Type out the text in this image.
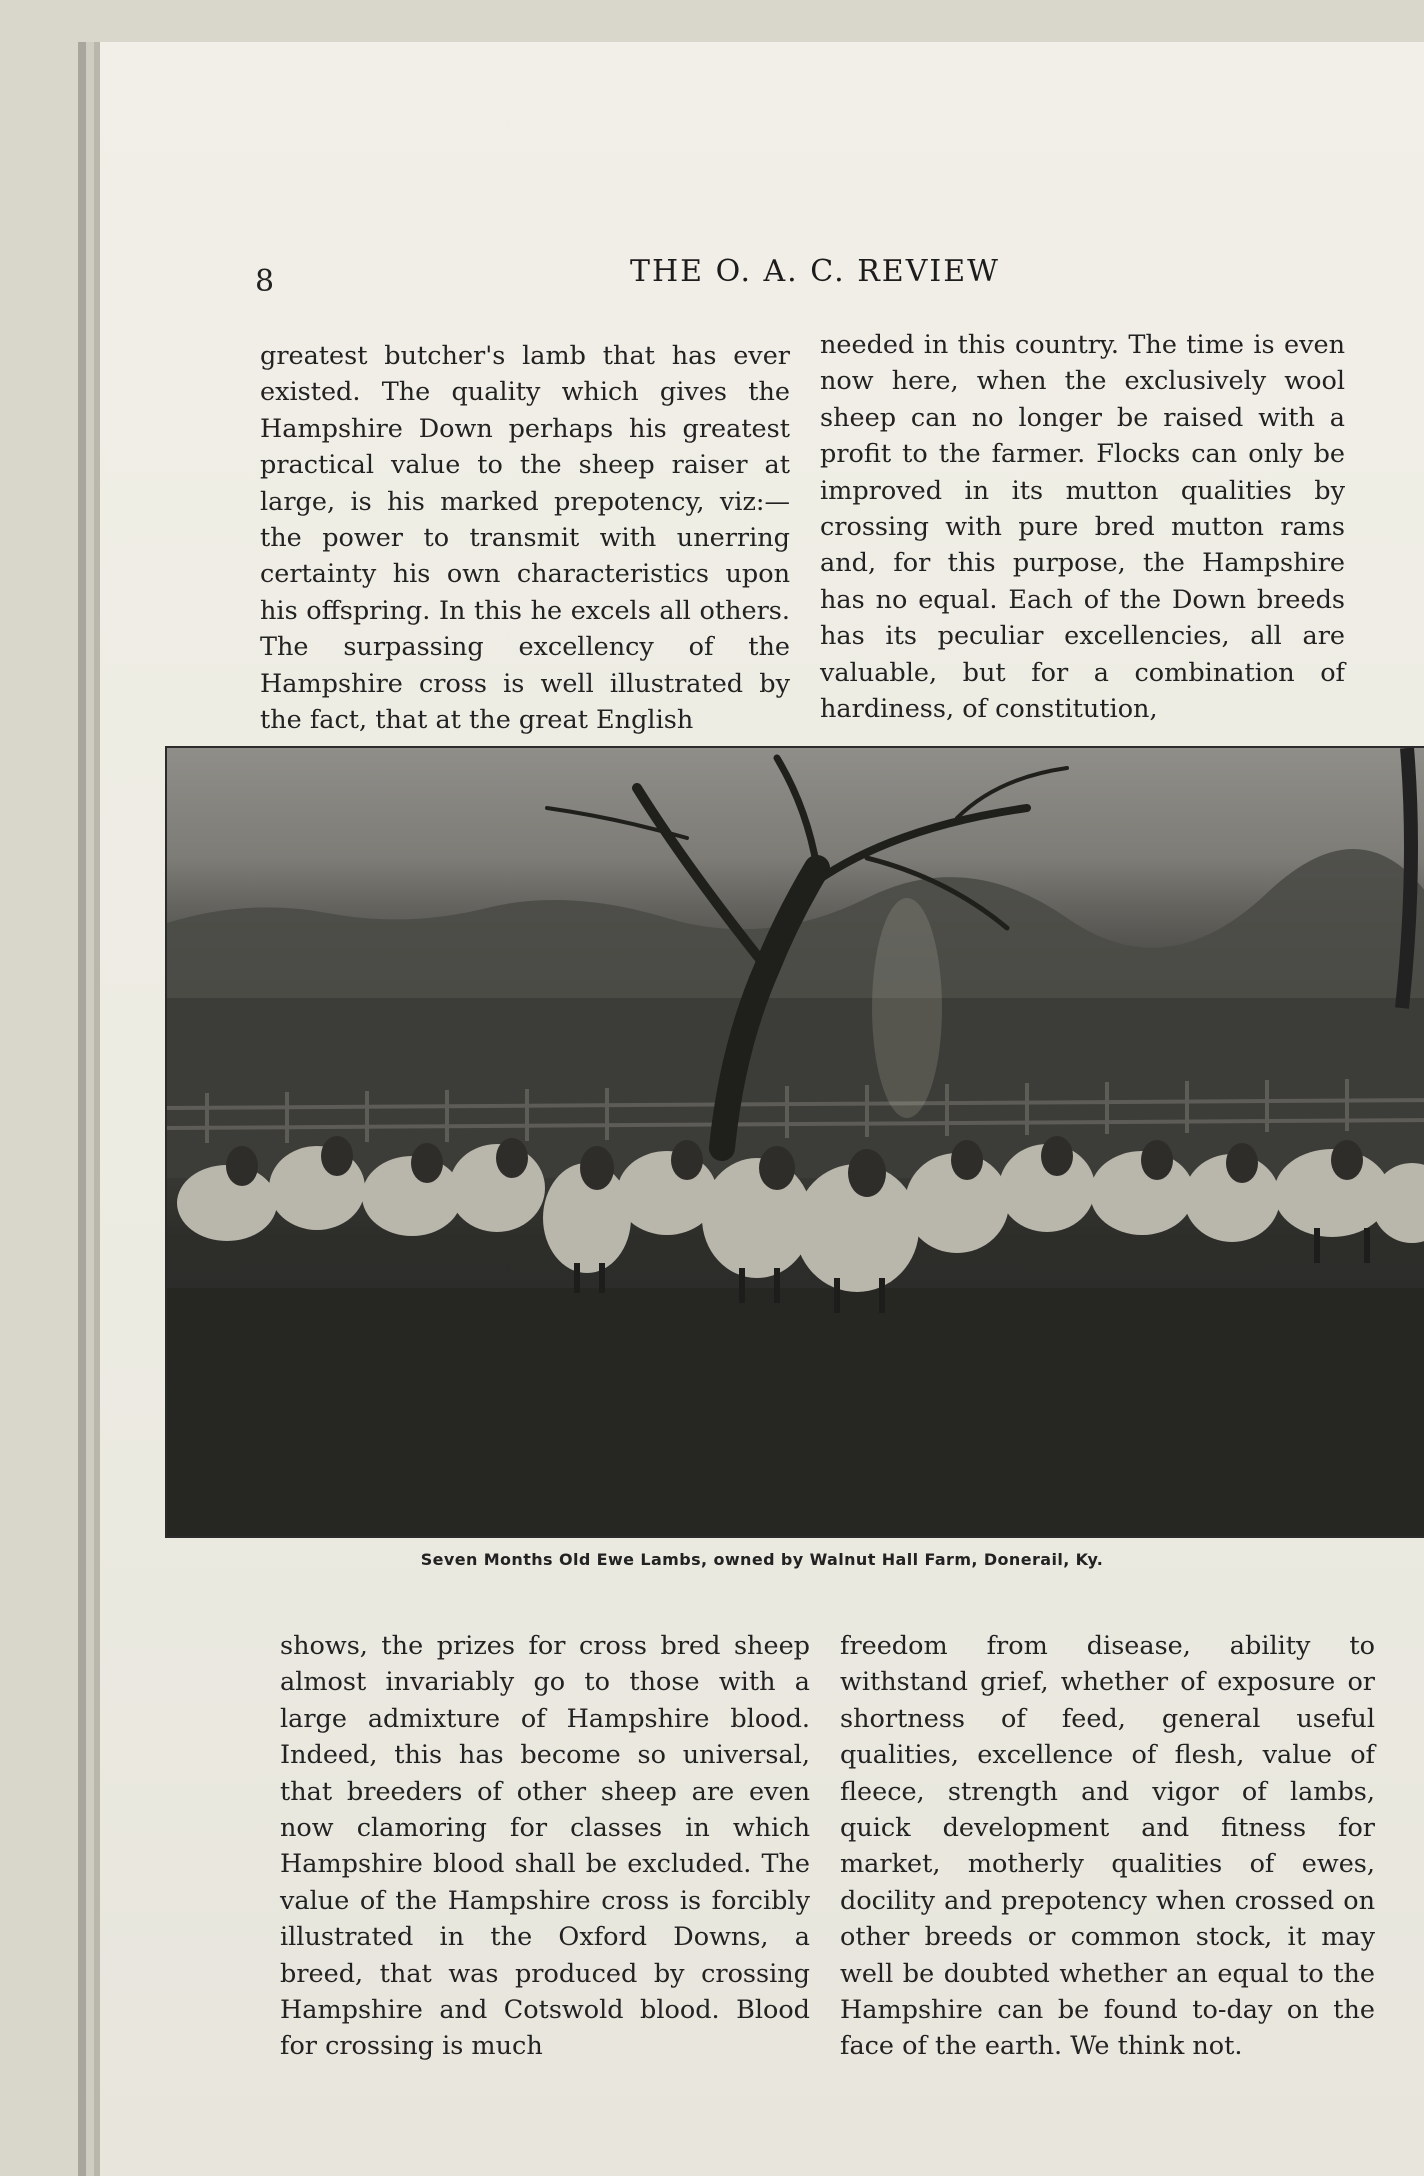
8	THE O. A. C. REVIEW
greatest butcher's lamb that has ever existed. The quality which gives the Hampshire Down perhaps his greatest practical value to the sheep raiser at large, is his marked prepotency, viz:— the power to transmit with unerring certainty his own characteristics upon his offspring. In this he excels all others. The surpassing excellency of the Hampshire cross is well illustrated by the fact, that at the great English
needed in this country. The time is even now here, when the exclusively wool sheep can no longer be raised with a profit to the farmer. Flocks can only be improved in its mutton qualities by crossing with pure bred mutton rams and, for this purpose, the Hampshire has no equal. Each of the Down breeds has its peculiar excellencies, all are valuable, but for a combination of hardiness, of constitution,
Seven Months Old Ewe Lambs, owned by Walnut Hall Farm, Donerail, Ky.
shows, the prizes for cross bred sheep almost invariably go to those with a large admixture of Hampshire blood. Indeed, this has become so universal, that breeders of other sheep are even now clamoring for classes in which Hampshire blood shall be excluded. The value of the Hampshire cross is forcibly illustrated in the Oxford Downs, a breed, that was produced by crossing Hampshire and Cotswold blood. Blood for crossing is much
freedom from disease, ability to withstand grief, whether of exposure or shortness of feed, general useful qualities, excellence of flesh, value of fleece, strength and vigor of lambs, quick development and fitness for market, motherly qualities of ewes, docility and prepotency when crossed on other breeds or common stock, it may well be doubted whether an equal to the Hampshire can be found to-day on the face of the earth. We think not.
